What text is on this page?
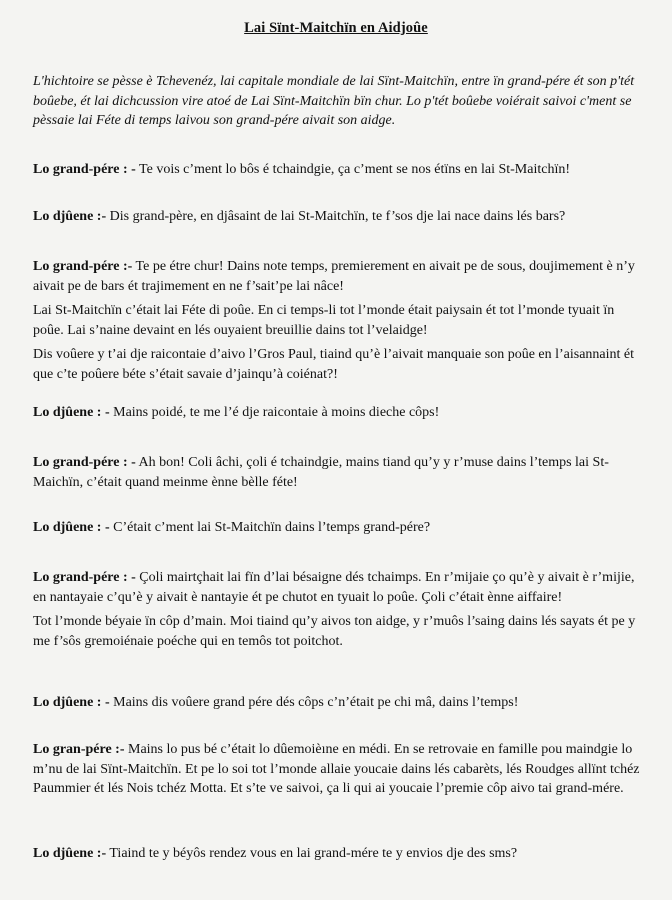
Lai Sïnt-Maitchïn en Aidjoûe
L'hichtoire se pèsse è Tchevenéz, lai capitale mondiale de lai Sïnt-Maitchïn, entre ïn grand-pére ét son p'tét boûebe, ét lai dichcussion vire atoé de Lai Sïnt-Maitchïn bïn chur. Lo p'tét boûebe voiérait saivoi c'ment se pèssaie lai Féte di temps laivou son grand-pére aivait son aidge.

Lo grand-pére : - Te vois c’ment lo bôs é tchaindgie, ça c’ment se nos étïns en lai St-Maitchïn!

Lo djûene :- Dis grand-pèrе, en djâsaint de lai St-Maitchïn, te f’sos dje lai nace dains lés bars?

Lo grand-pére :- Te pe étre chur! Dains note temps, premierement en aivait pe de sous, doujimement è n’y aivait pe de bars ét trajimement en ne f’sait’pe lai nâce!

Lai St-Maitchïn c’était lai Féte di poûe. En ci temps-li tot l’monde était paiysain ét tot l’monde tyuait ïn poûe. Lai s’naine devaint en lés ouyaient breuillie dains tot l’velaidge!

Dis voûere y t’ai dje raicontaie d’aivo l’Gros Paul, tiaind qu’è l’aivait manquaie son poûe en l’aisannaint ét que c’te poûere béte s’était savaie d’jainqu’à coiénat?!

Lo djûene : - Mains poidé, te me l’é dje raicontaie à moins dieche côps!

Lo grand-pére : - Ah bon! Coli âchi, çoli é tchaindgie, mains tiand qu’y y r’muse dains l’temps lai St-Maichïn, c’était quand meinme ènne bèlle féte!

Lo djûene : - C’était c’ment lai St-Maitchïn dains l’temps grand-pére?

Lo grand-pére : - Çoli mairtçhait lai fïn d’lai bésaigne dés tchaimps. En r’mijaie ço qu’è y aivait è r’mijie, en nantayaie c’qu’è y aivait è nantayie ét pe chutot en tyuait lo poûe. Çoli c’était ènne aiffaire!

Tot l’monde béyaie ïn côp d’main. Moi tiaind qu’y aivos ton aidge, y r’muôs l’saing dains lés sayats ét pe y me f’sôs gremoiénaie poéche qui en temôs tot poitchot.

Lo djûene : - Mains dis voûere grand pére dés côps c’n’était pe chi mâ, dains l’temps!

Lo gran-pére :- Mains lo pus bé c’était lo dûemoièıne en médi. En se retrovaie en famille pou maindgie lo m’nu de lai Sïnt-Maitchïn. Et pe lo soi tot l’monde allaie youcaie dains lés cabarèts, lés Roudges allïnt tchéz Paummier ét lés Nois tchéz Motta. Et s’te ve saivoi, ça li qui ai youcaie l’premie côp aivo tai grand-mére.

Lo djûene :- Tiaind te y béyôs rendez vous en lai grand-mére te y envios dje des sms?
